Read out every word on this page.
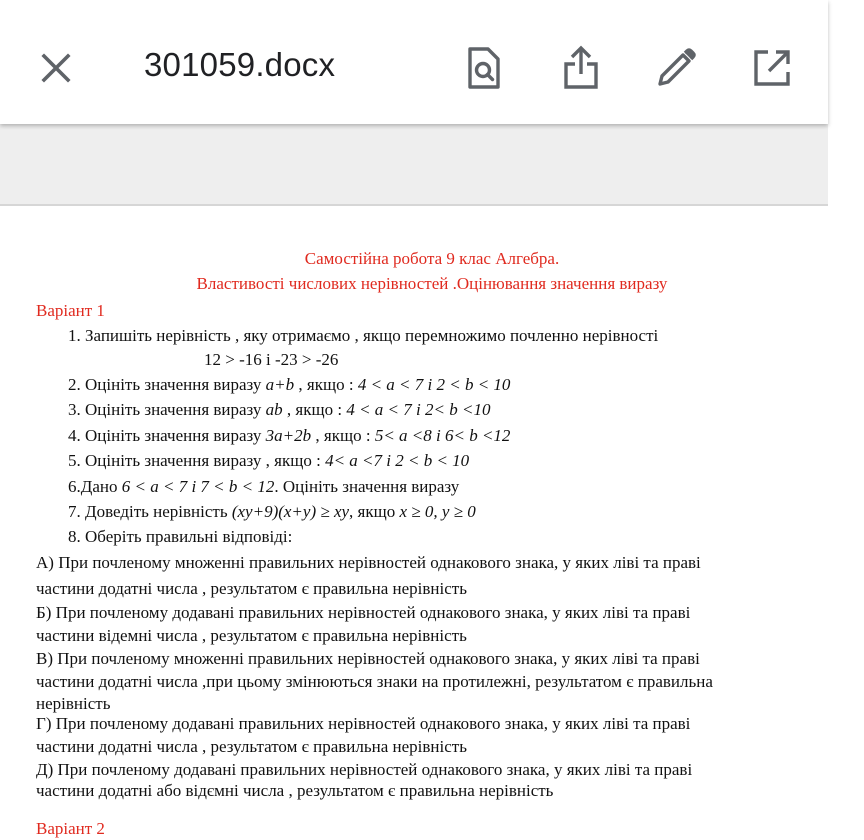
301059.docx
Самостійна робота 9 клас Алгебра.
Властивості числових нерівностей .Оцінювання значення виразу
Варіант 1
1. Запишіть нерівність , яку отримаємо , якщо перемножимо почленно нерівності
12 > -16 і -23 > -26
2. Оцініть значення виразу a+b , якщо : 4 < a < 7 і 2 < b < 10
3. Оцініть значення виразу ab , якщо : 4 < a < 7 і 2< b <10
4. Оцініть значення виразу 3a+2b , якщо : 5< a <8 і 6< b <12
5. Оцініть значення виразу , якщо : 4< a <7 і 2 < b < 10
6.Дано 6 < a < 7 і 7 < b < 12. Оцініть значення виразу
7. Доведіть нерівність (xy+9)(x+y) ≥ xy, якщо x ≥ 0, y ≥ 0
8. Оберіть правильні відповіді:
А) При почленому множенні правильних нерівностей однакового знака, у яких ліві та праві
частини додатні числа , результатом є правильна нерівність
Б) При почленому додавані правильних нерівностей однакового знака, у яких ліві та праві
частини відемні числа , результатом є правильна нерівність
В) При почленому множенні правильних нерівностей однакового знака, у яких ліві та праві
частини додатні числа ,при цьому змінюються знаки на протилежні, результатом є правильна
нерівність
Г) При почленому додавані правильних нерівностей однакового знака, у яких ліві та праві
частини додатні числа , результатом є правильна нерівність
Д) При почленому додавані правильних нерівностей однакового знака, у яких ліві та праві
частини додатні або відємні числа , результатом є правильна нерівність
Варіант 2
